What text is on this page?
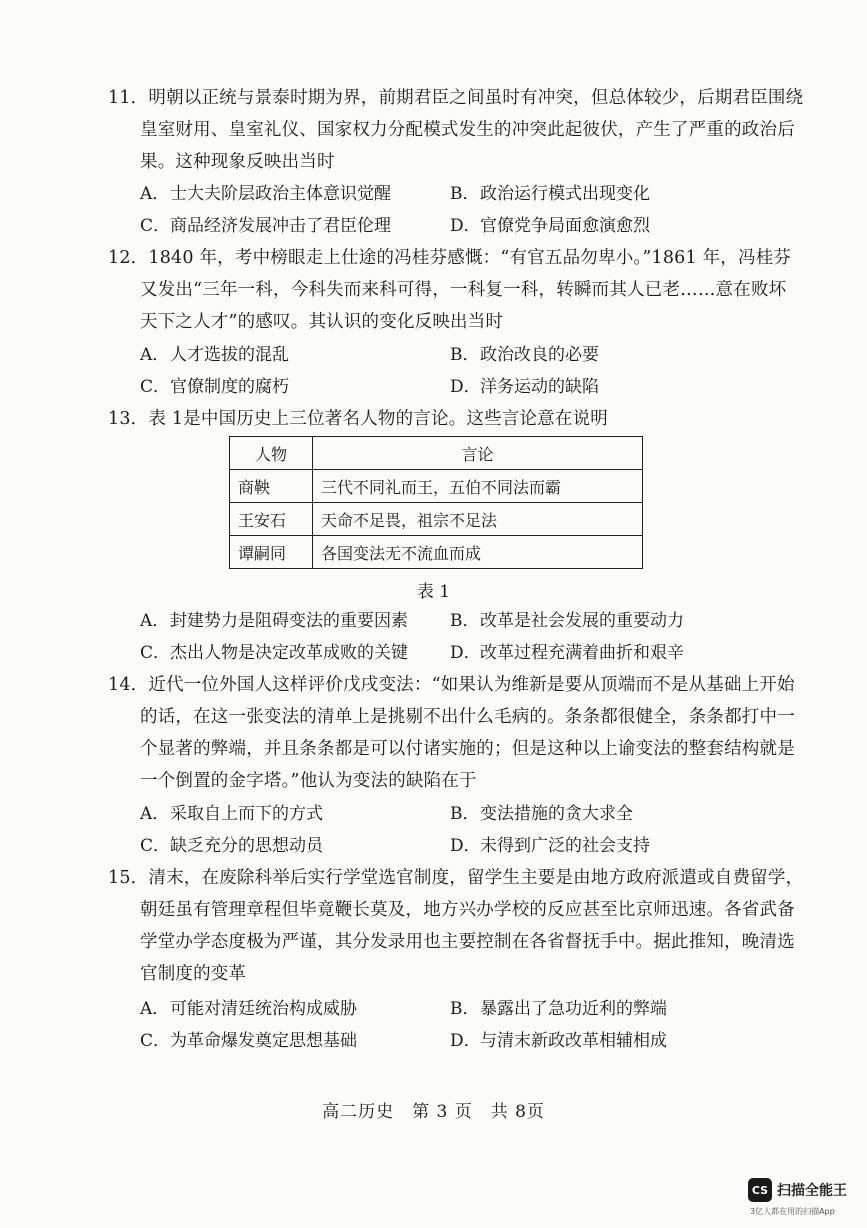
11．明朝以正统与景泰时期为界，前期君臣之间虽时有冲突，但总体较少，后期君臣围绕
皇室财用、皇室礼仪、国家权力分配模式发生的冲突此起彼伏，产生了严重的政治后
果。这种现象反映出当时
A．士大夫阶层政治主体意识觉醒	B．政治运行模式出现变化
C．商品经济发展冲击了君臣伦理	D．官僚党争局面愈演愈烈
12．1840 年，考中榜眼走上仕途的冯桂芬感慨：“有官五品勿卑小。”1861 年，冯桂芬
又发出“三年一科，今科失而来科可得，一科复一科，转瞬而其人已老……意在败坏
天下之人才”的感叹。其认识的变化反映出当时
A．人才选拔的混乱	B．政治改良的必要
C．官僚制度的腐朽	D．洋务运动的缺陷
13．表 1是中国历史上三位著名人物的言论。这些言论意在说明
人物	言论
商鞅	三代不同礼而王，五伯不同法而霸
王安石	天命不足畏，祖宗不足法
谭嗣同	各国变法无不流血而成
表 1
A．封建势力是阻碍变法的重要因素 B．改革是社会发展的重要动力
C．杰出人物是决定改革成败的关键 D．改革过程充满着曲折和艰辛
14．近代一位外国人这样评价戊戌变法：“如果认为维新是要从顶端而不是从基础上开始
的话，在这一张变法的清单上是挑剔不出什么毛病的。条条都很健全，条条都打中一
个显著的弊端，并且条条都是可以付诸实施的；但是这种以上谕变法的整套结构就是
一个倒置的金字塔。”他认为变法的缺陷在于
A．采取自上而下的方式	B．变法措施的贪大求全
C．缺乏充分的思想动员	D．未得到广泛的社会支持
15．清末，在废除科举后实行学堂选官制度，留学生主要是由地方政府派遣或自费留学，
朝廷虽有管理章程但毕竟鞭长莫及，地方兴办学校的反应甚至比京师迅速。各省武备
学堂办学态度极为严谨，其分发录用也主要控制在各省督抚手中。据此推知，晚清选
官制度的变革
A．可能对清廷统治构成威胁	B．暴露出了急功近利的弊端
C．为革命爆发奠定思想基础	D．与清末新政改革相辅相成
高二历史　第 3 页　共 8页
CS 扫描全能王
3亿人都在用的扫描App
